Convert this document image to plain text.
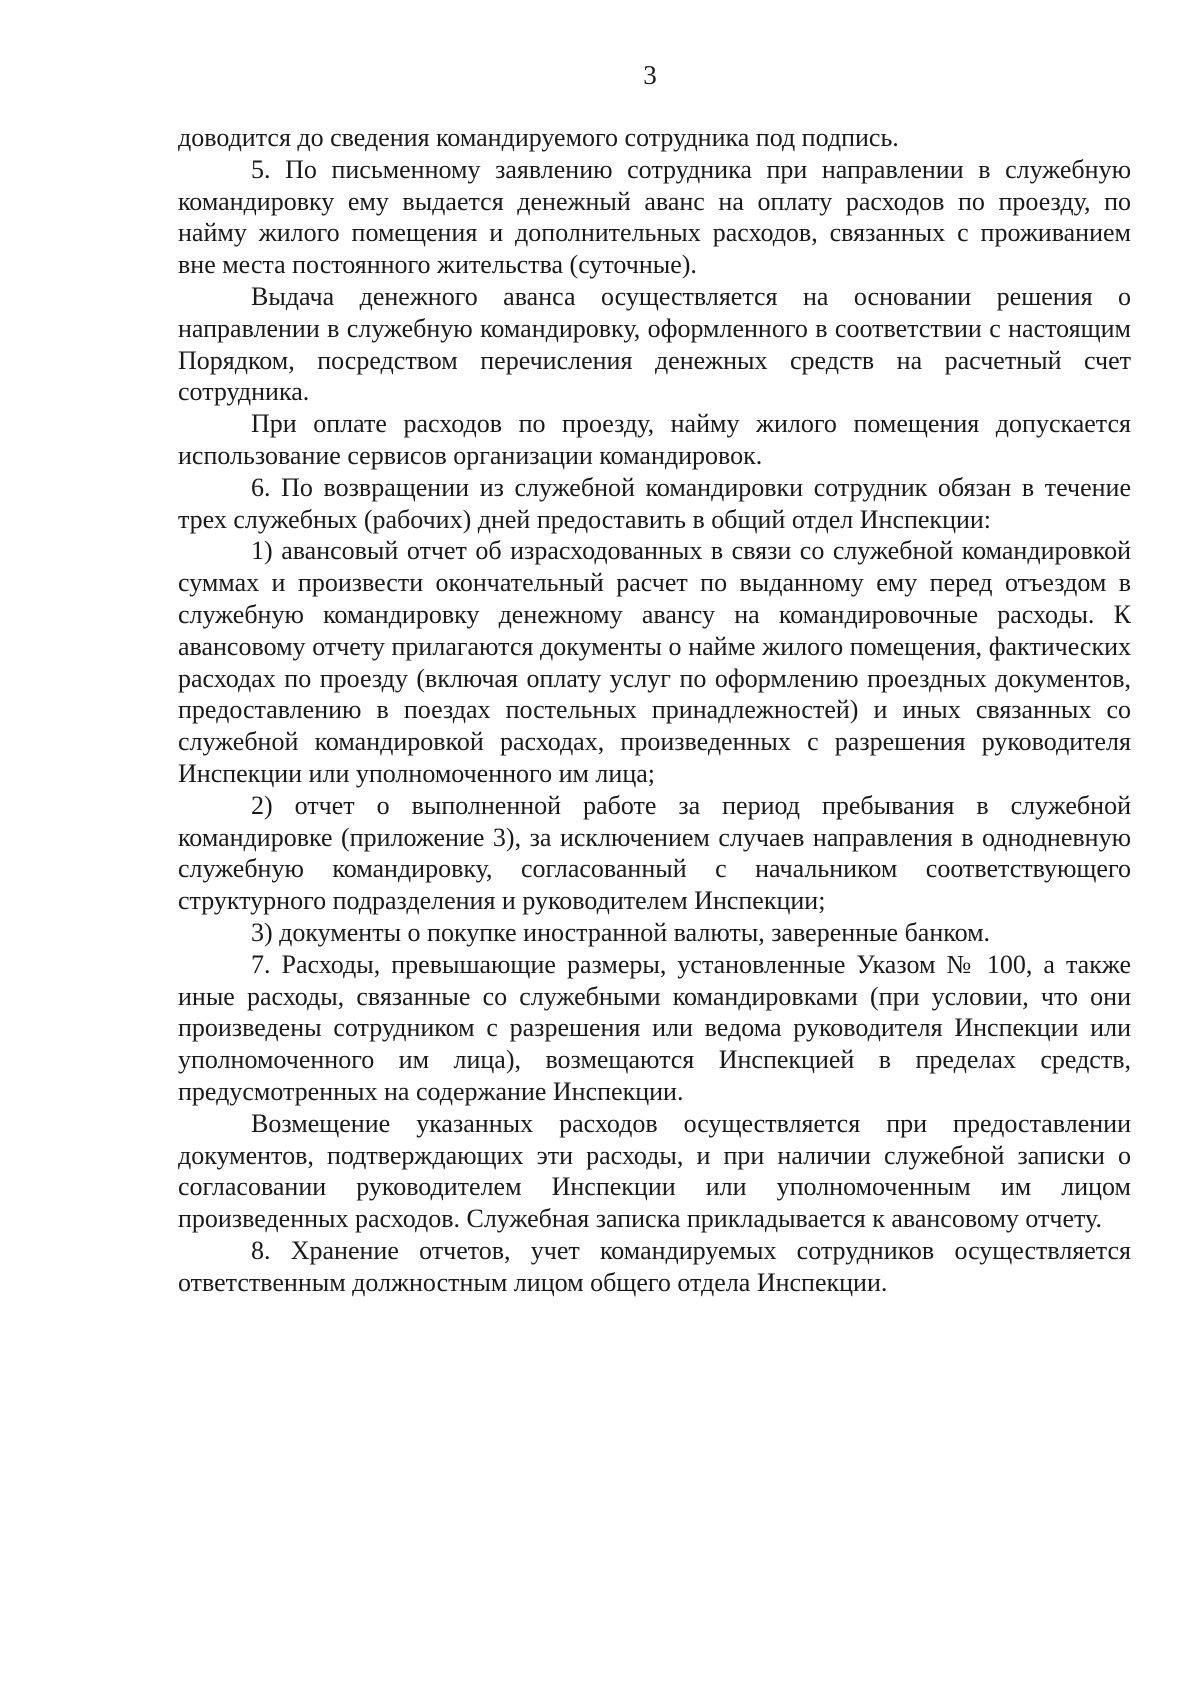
3

доводится до сведения командируемого сотрудника под подпись.

5. По письменному заявлению сотрудника при направлении в служебную командировку ему выдается денежный аванс на оплату расходов по проезду, по найму жилого помещения и дополнительных расходов, связанных с проживанием вне места постоянного жительства (суточные).

Выдача денежного аванса осуществляется на основании решения о направлении в служебную командировку, оформленного в соответствии с настоящим Порядком, посредством перечисления денежных средств на расчетный счет сотрудника.

При оплате расходов по проезду, найму жилого помещения допускается использование сервисов организации командировок.

6. По возвращении из служебной командировки сотрудник обязан в течение трех служебных (рабочих) дней предоставить в общий отдел Инспекции:

1) авансовый отчет об израсходованных в связи со служебной командировкой суммах и произвести окончательный расчет по выданному ему перед отъездом в служебную командировку денежному авансу на командировочные расходы. К авансовому отчету прилагаются документы о найме жилого помещения, фактических расходах по проезду (включая оплату услуг по оформлению проездных документов, предоставлению в поездах постельных принадлежностей) и иных связанных со служебной командировкой расходах, произведенных с разрешения руководителя Инспекции или уполномоченного им лица;

2) отчет о выполненной работе за период пребывания в служебной командировке (приложение 3), за исключением случаев направления в однодневную служебную командировку, согласованный с начальником соответствующего структурного подразделения и руководителем Инспекции;

3) документы о покупке иностранной валюты, заверенные банком.

7. Расходы, превышающие размеры, установленные Указом № 100, а также иные расходы, связанные со служебными командировками (при условии, что они произведены сотрудником с разрешения или ведома руководителя Инспекции или уполномоченного им лица), возмещаются Инспекцией в пределах средств, предусмотренных на содержание Инспекции.

Возмещение указанных расходов осуществляется при предоставлении документов, подтверждающих эти расходы, и при наличии служебной записки о согласовании руководителем Инспекции или уполномоченным им лицом произведенных расходов. Служебная записка прикладывается к авансовому отчету.

8. Хранение отчетов, учет командируемых сотрудников осуществляется ответственным должностным лицом общего отдела Инспекции.
